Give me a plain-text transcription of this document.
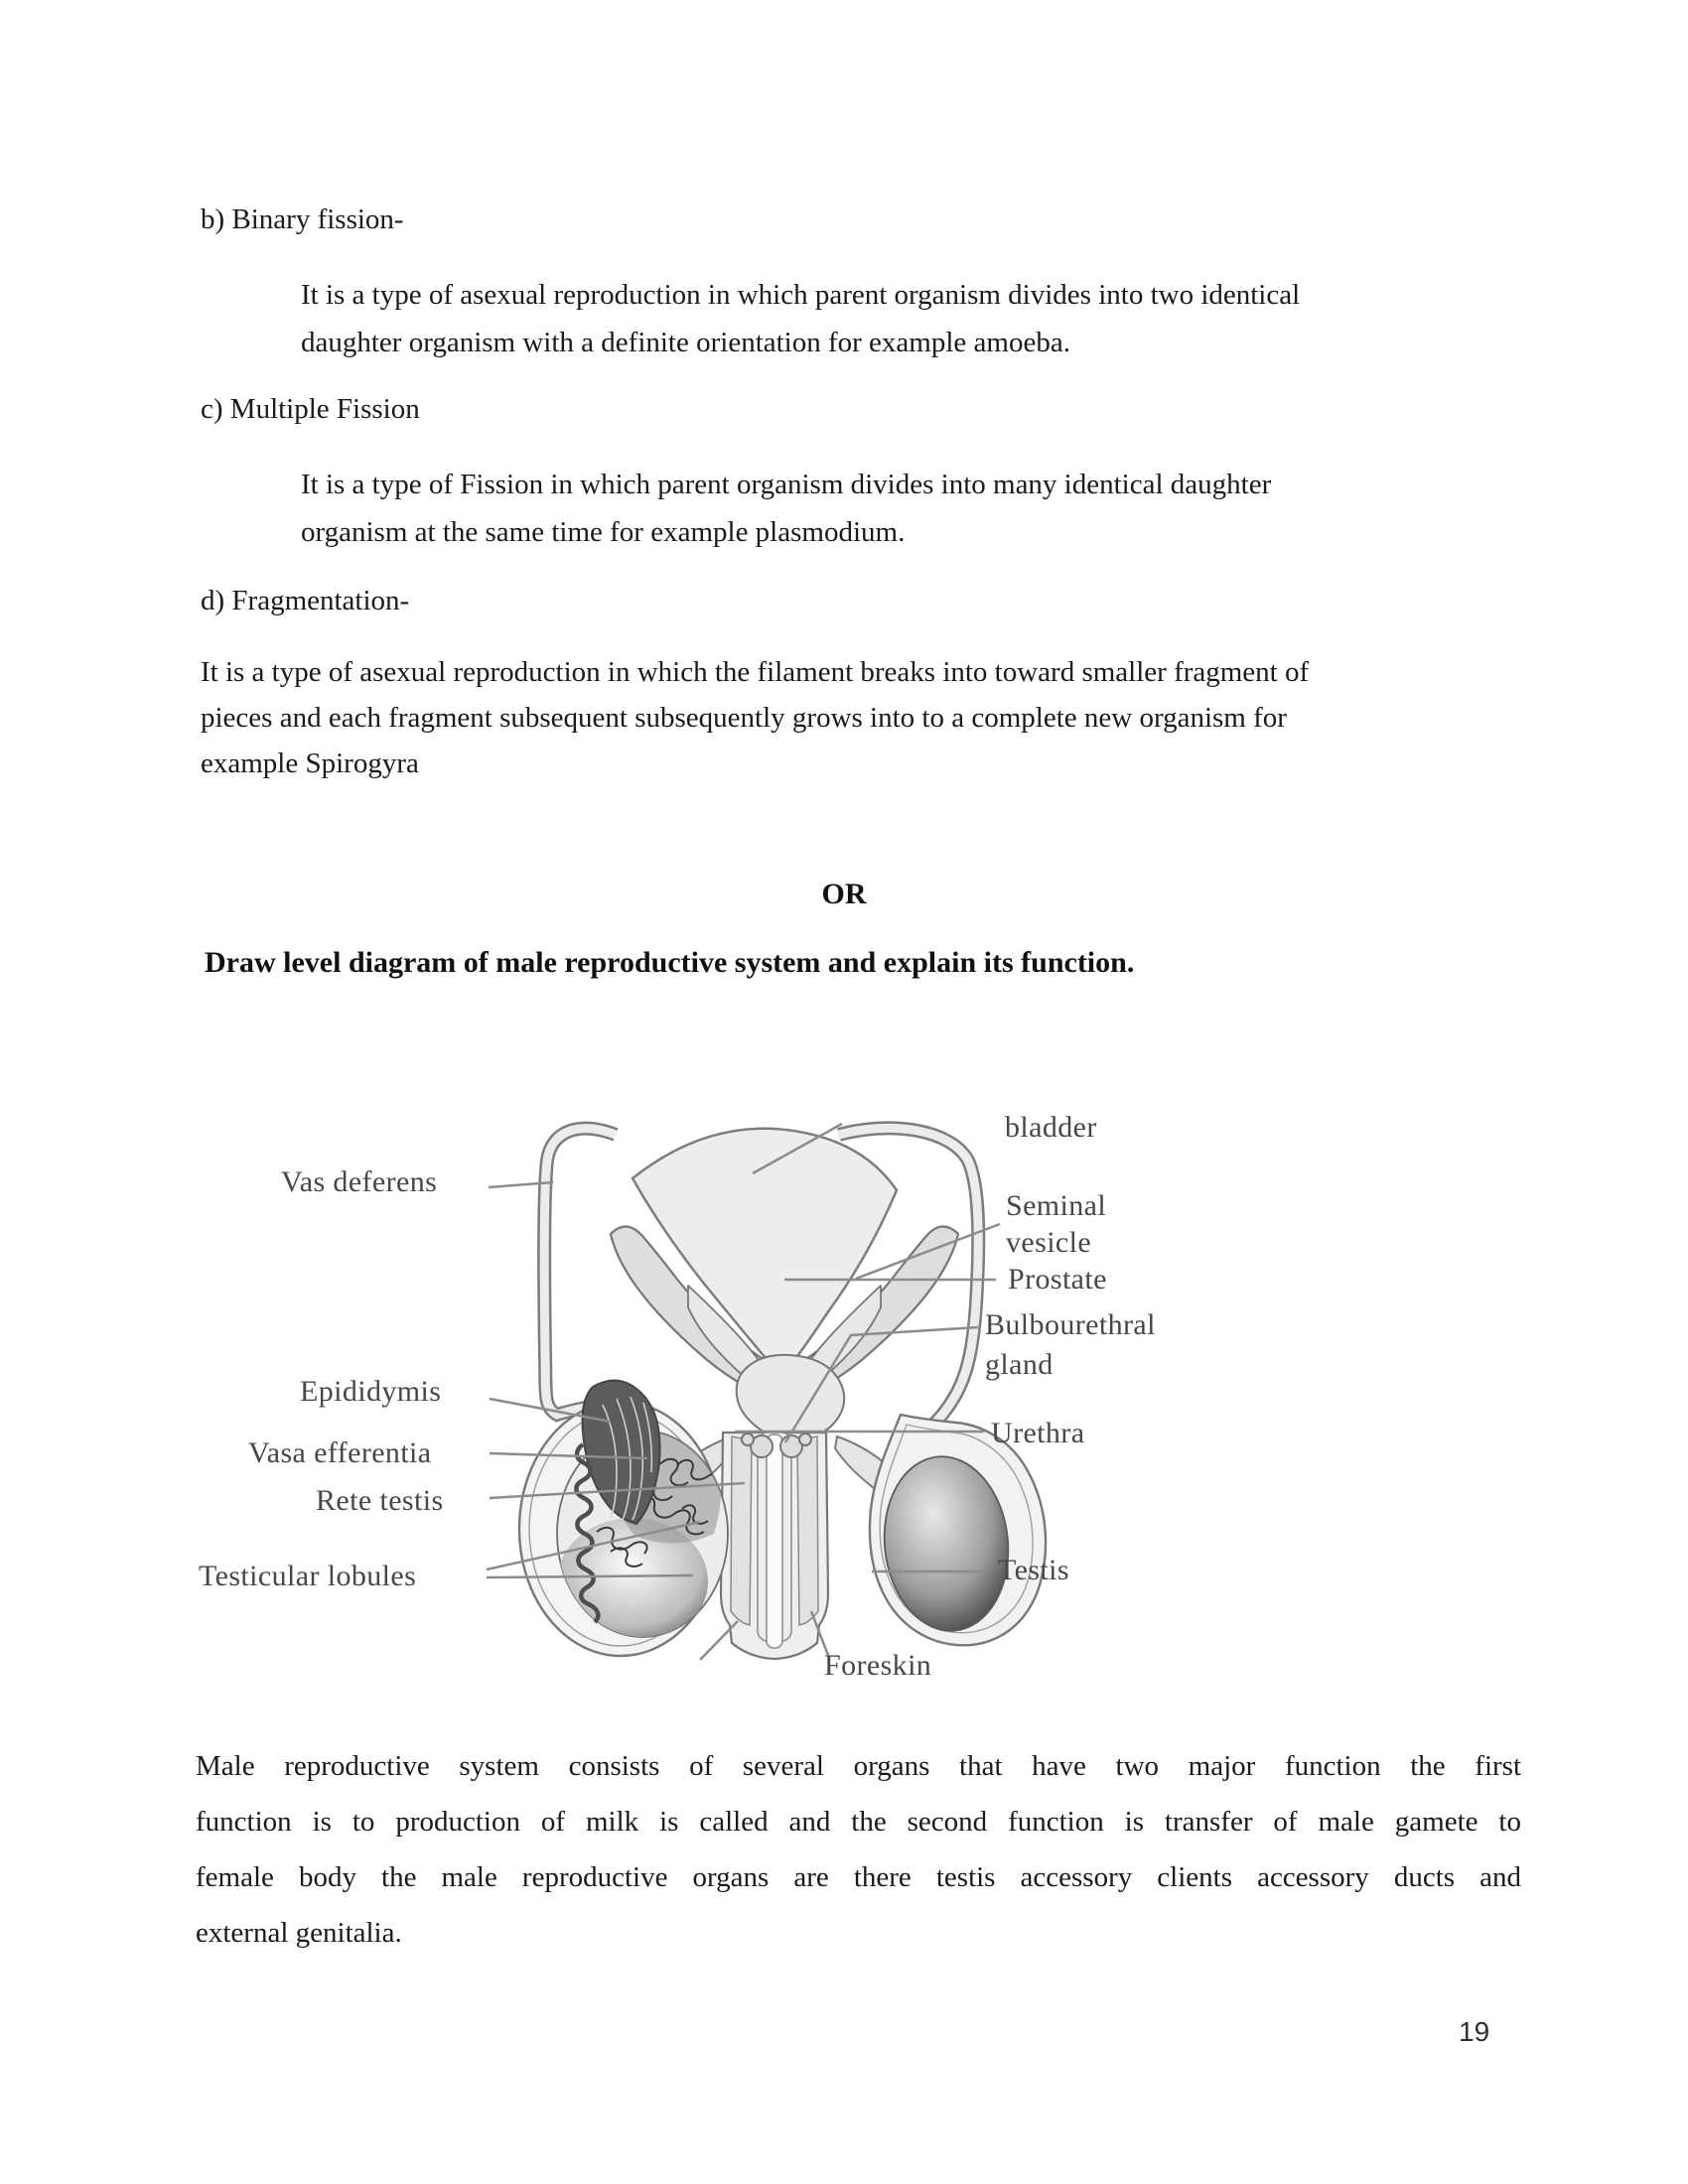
b) Binary fission-
It is a type of asexual reproduction in which parent organism divides into two identical
daughter organism with a definite orientation for example amoeba.
c) Multiple Fission
It is a type of Fission in which parent organism divides into many identical daughter
organism at the same time for example plasmodium.
d) Fragmentation-
It is a type of asexual reproduction in which the filament breaks into toward smaller fragment of
pieces and each fragment subsequent subsequently grows into to a complete new organism for
example Spirogyra
OR
Draw level diagram of male reproductive system and explain its function.
bladder
Vas deferens
Seminal
vesicle
Prostate
Bulbourethral
gland
Epididymis
Urethra
Vasa efferentia
Rete testis
Testicular lobules	Testis
Foreskin
Male reproductive system consists of several organs that have two major function the first
function is to production of milk is called and the second function is transfer of male gamete to
female body the male reproductive organs are there testis accessory clients accessory ducts and
external genitalia.
19
